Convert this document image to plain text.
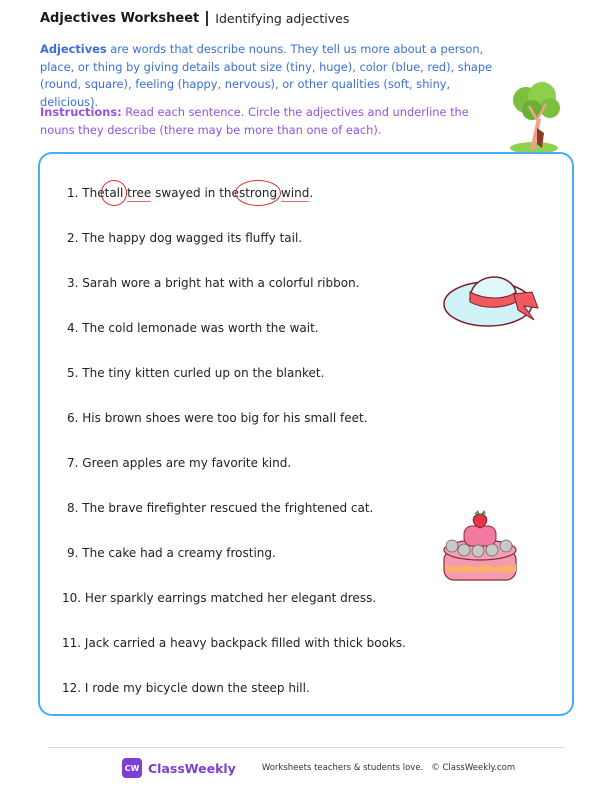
Adjectives Worksheet Identifying adjectives
Adjectives are words that describe nouns. They tell us more about a person, place, or thing by giving details about size (tiny, huge), color (blue, red), shape (round, square), feeling (happy, nervous), or other qualities (soft, shiny, delicious).
Instructions: Read each sentence. Circle the adjectives and underline the nouns they describe (there may be more than one of each).
1. Thetall tree swayed in thestrong wind.
2. The happy dog wagged its fluffy tail.
3. Sarah wore a bright hat with a colorful ribbon.
4. The cold lemonade was worth the wait.
5. The tiny kitten curled up on the blanket.
6. His brown shoes were too big for his small feet.
7. Green apples are my favorite kind.
8. The brave firefighter rescued the frightened cat.
9. The cake had a creamy frosting.
10. Her sparkly earrings matched her elegant dress.
11. Jack carried a heavy backpack filled with thick books.
12. I rode my bicycle down the steep hill.
CW ClassWeekly	Worksheets teachers & students love. © ClassWeekly.com
